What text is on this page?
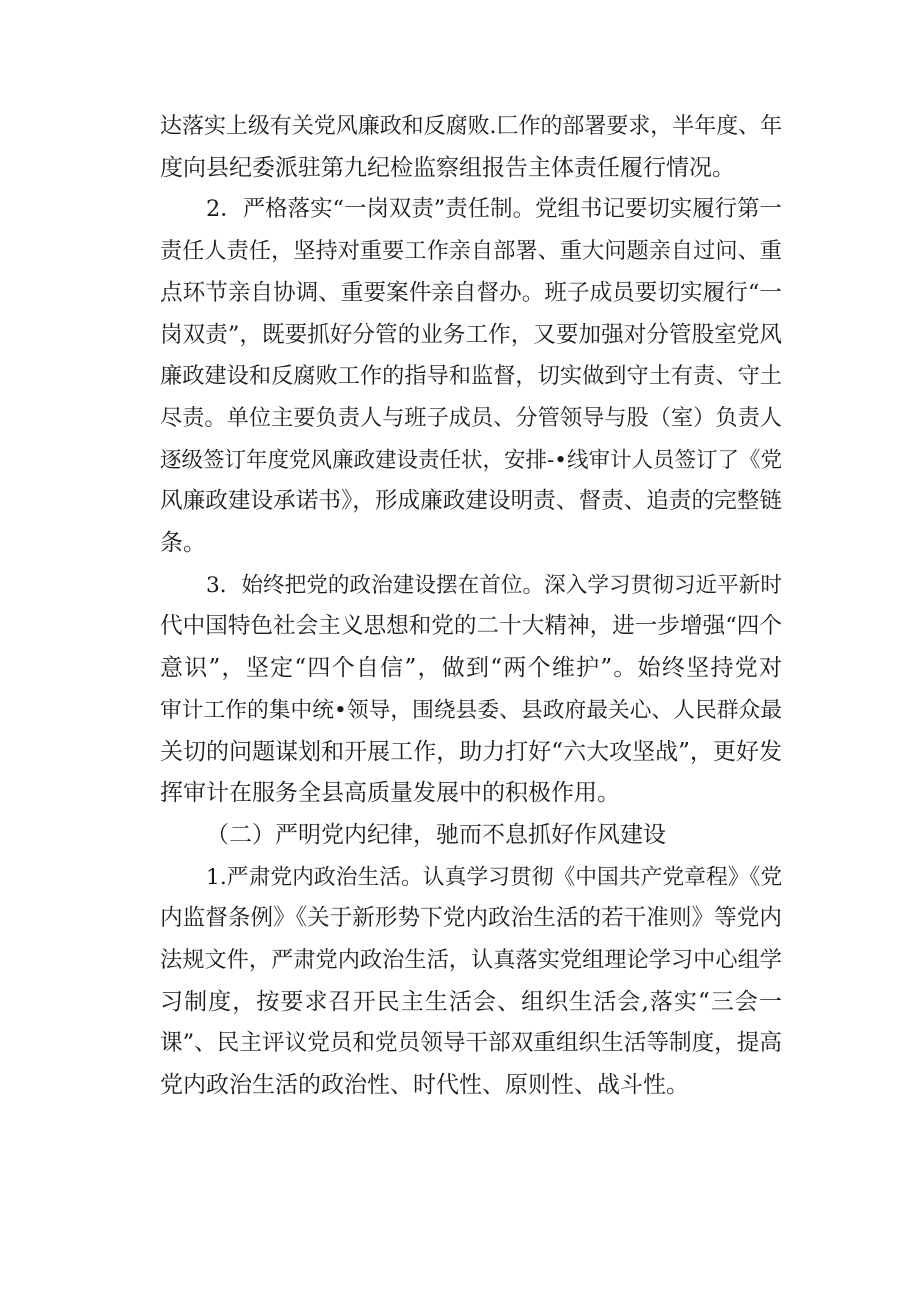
达落实上级有关党风廉政和反腐败.匚作的部署要求，半年度、年
度向县纪委派驻第九纪检监察组报告主体责任履行情况。

2．严格落实“一岗双责”责任制。党组书记要切实履行第一
责任人责任，坚持对重要工作亲自部署、重大问题亲自过问、重
点环节亲自协调、重要案件亲自督办。班子成员要切实履行“一
岗双责”，既要抓好分管的业务工作，又要加强对分管股室党风
廉政建设和反腐败工作的指导和监督，切实做到守土有责、守土
尽责。单位主要负责人与班子成员、分管领导与股（室）负责人
逐级签订年度党风廉政建设责任状，安排-•线审计人员签订了《党
风廉政建设承诺书》，形成廉政建设明责、督责、追责的完整链
条。

3．始终把党的政治建设摆在首位。深入学习贯彻习近平新时
代中国特色社会主义思想和党的二十大精神，进一步增强“四个
意识”，坚定“四个自信”，做到“两个维护”。始终坚持党对
审计工作的集中统•领导，围绕县委、县政府最关心、人民群众最
关切的问题谋划和开展工作，助力打好“六大攻坚战”，更好发
挥审计在服务全县高质量发展中的积极作用。

（二）严明党内纪律，驰而不息抓好作风建设

1.严肃党内政治生活。认真学习贯彻《中国共产党章程》《党
内监督条例》《关于新形势下党内政治生活的若干准则》等党内
法规文件，严肃党内政治生活，认真落实党组理论学习中心组学
习制度，按要求召开民主生活会、组织生活会,落实“三会一
课”、民主评议党员和党员领导干部双重组织生活等制度，提高
党内政治生活的政治性、时代性、原则性、战斗性。
